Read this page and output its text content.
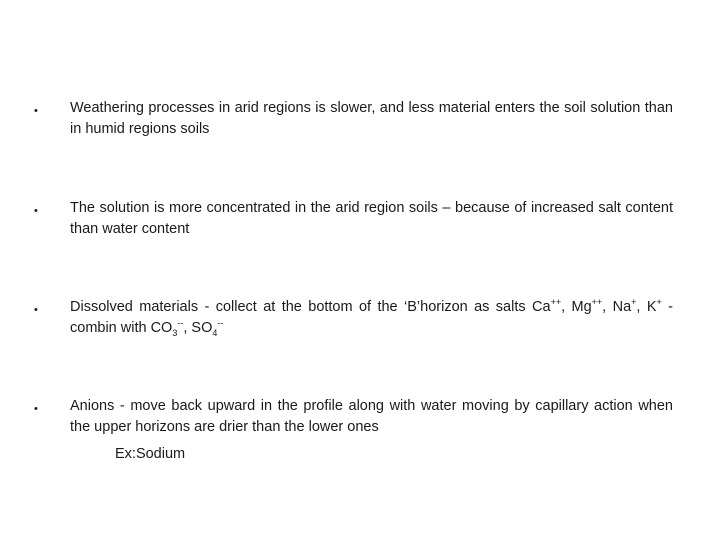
• Weathering processes in arid regions is slower, and less material enters the soil solution than in humid regions soils
• The solution is more concentrated in the arid region soils – because of increased salt content than water content
• Dissolved materials - collect at the bottom of the ‘B’horizon as salts Ca++, Mg++, Na+, K+ - combin with $CO_3^{--}$, $SO_4^{--}$
• Anions - move back upward in the profile along with water moving by capillary action when the upper horizons are drier than the lower ones
Ex:Sodium
